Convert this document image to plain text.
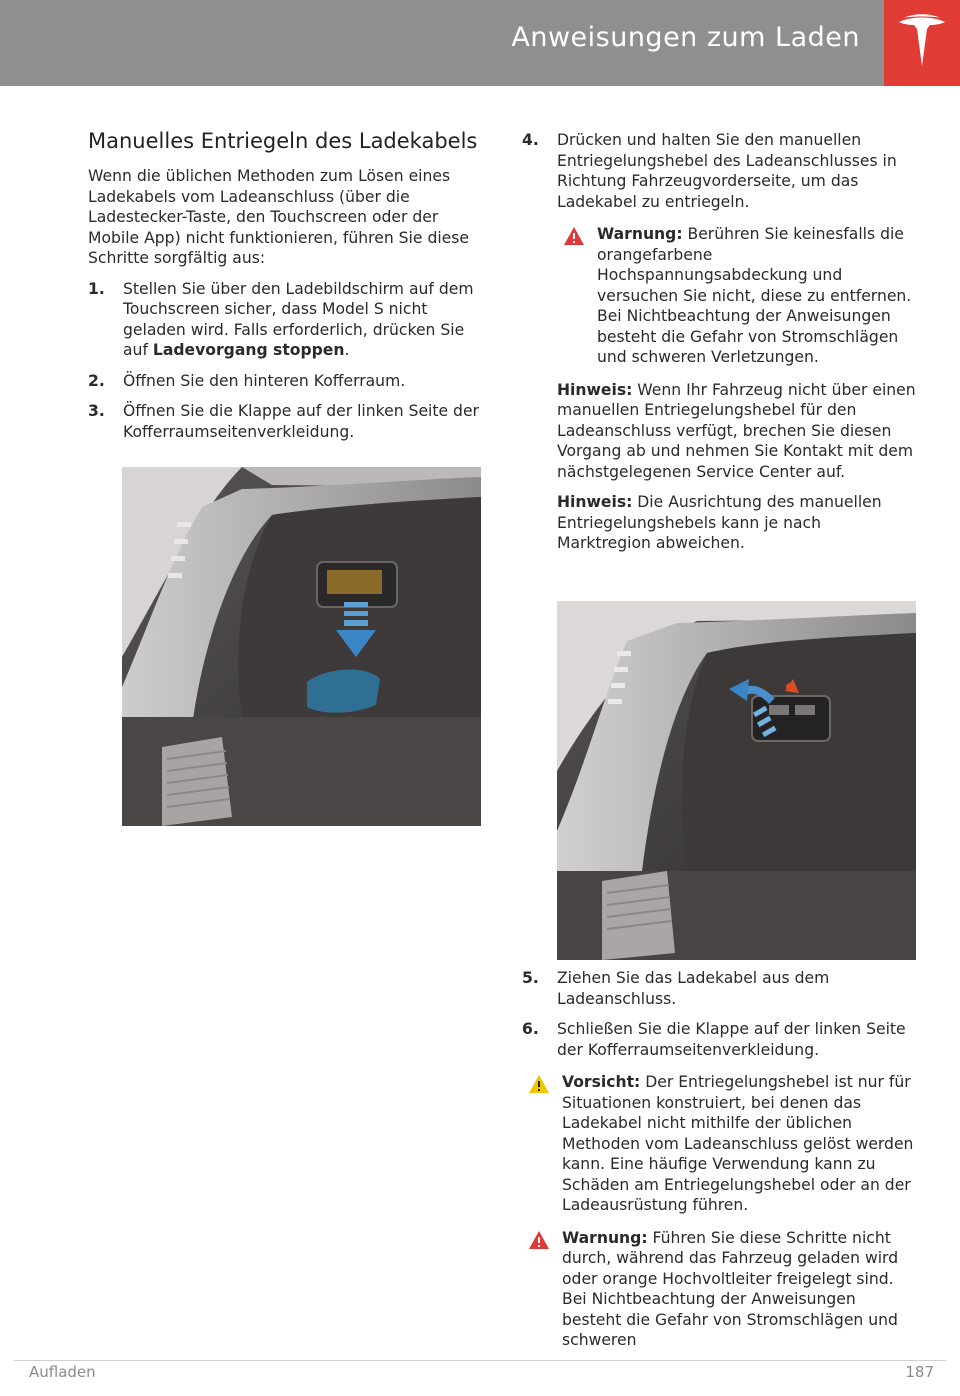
Anweisungen zum Laden
Manuelles Entriegeln des Ladekabels

Wenn die üblichen Methoden zum Lösen eines Ladekabels vom Ladeanschluss (über die Ladestecker-Taste, den Touchscreen oder der Mobile App) nicht funktionieren, führen Sie diese Schritte sorgfältig aus:

1. Stellen Sie über den Ladebildschirm auf dem Touchscreen sicher, dass Model S nicht geladen wird. Falls erforderlich, drücken Sie auf Ladevorgang stoppen.
2. Öffnen Sie den hinteren Kofferraum.
3. Öffnen Sie die Klappe auf der linken Seite der Kofferraumseitenverkleidung.
4. Drücken und halten Sie den manuellen Entriegelungshebel des Ladeanschlusses in Richtung Fahrzeugvorderseite, um das Ladekabel zu entriegeln.
Warnung: Berühren Sie keinesfalls die orangefarbene Hochspannungsabdeckung und versuchen Sie nicht, diese zu entfernen. Bei Nichtbeachtung der Anweisungen besteht die Gefahr von Stromschlägen und schweren Verletzungen.

Hinweis: Wenn Ihr Fahrzeug nicht über einen manuellen Entriegelungshebel für den Ladeanschluss verfügt, brechen Sie diesen Vorgang ab und nehmen Sie Kontakt mit dem nächstgelegenen Service Center auf.

Hinweis: Die Ausrichtung des manuellen Entriegelungshebels kann je nach Marktregion abweichen.

5. Ziehen Sie das Ladekabel aus dem Ladeanschluss.
6. Schließen Sie die Klappe auf der linken Seite der Kofferraumseitenverkleidung.
Vorsicht: Der Entriegelungshebel ist nur für Situationen konstruiert, bei denen das Ladekabel nicht mithilfe der üblichen Methoden vom Ladeanschluss gelöst werden kann. Eine häufige Verwendung kann zu Schäden am Entriegelungshebel oder an der Ladeausrüstung führen.
Warnung: Führen Sie diese Schritte nicht durch, während das Fahrzeug geladen wird oder orange Hochvoltleiter freigelegt sind. Bei Nichtbeachtung der Anweisungen besteht die Gefahr von Stromschlägen und schweren
Aufladen	187
